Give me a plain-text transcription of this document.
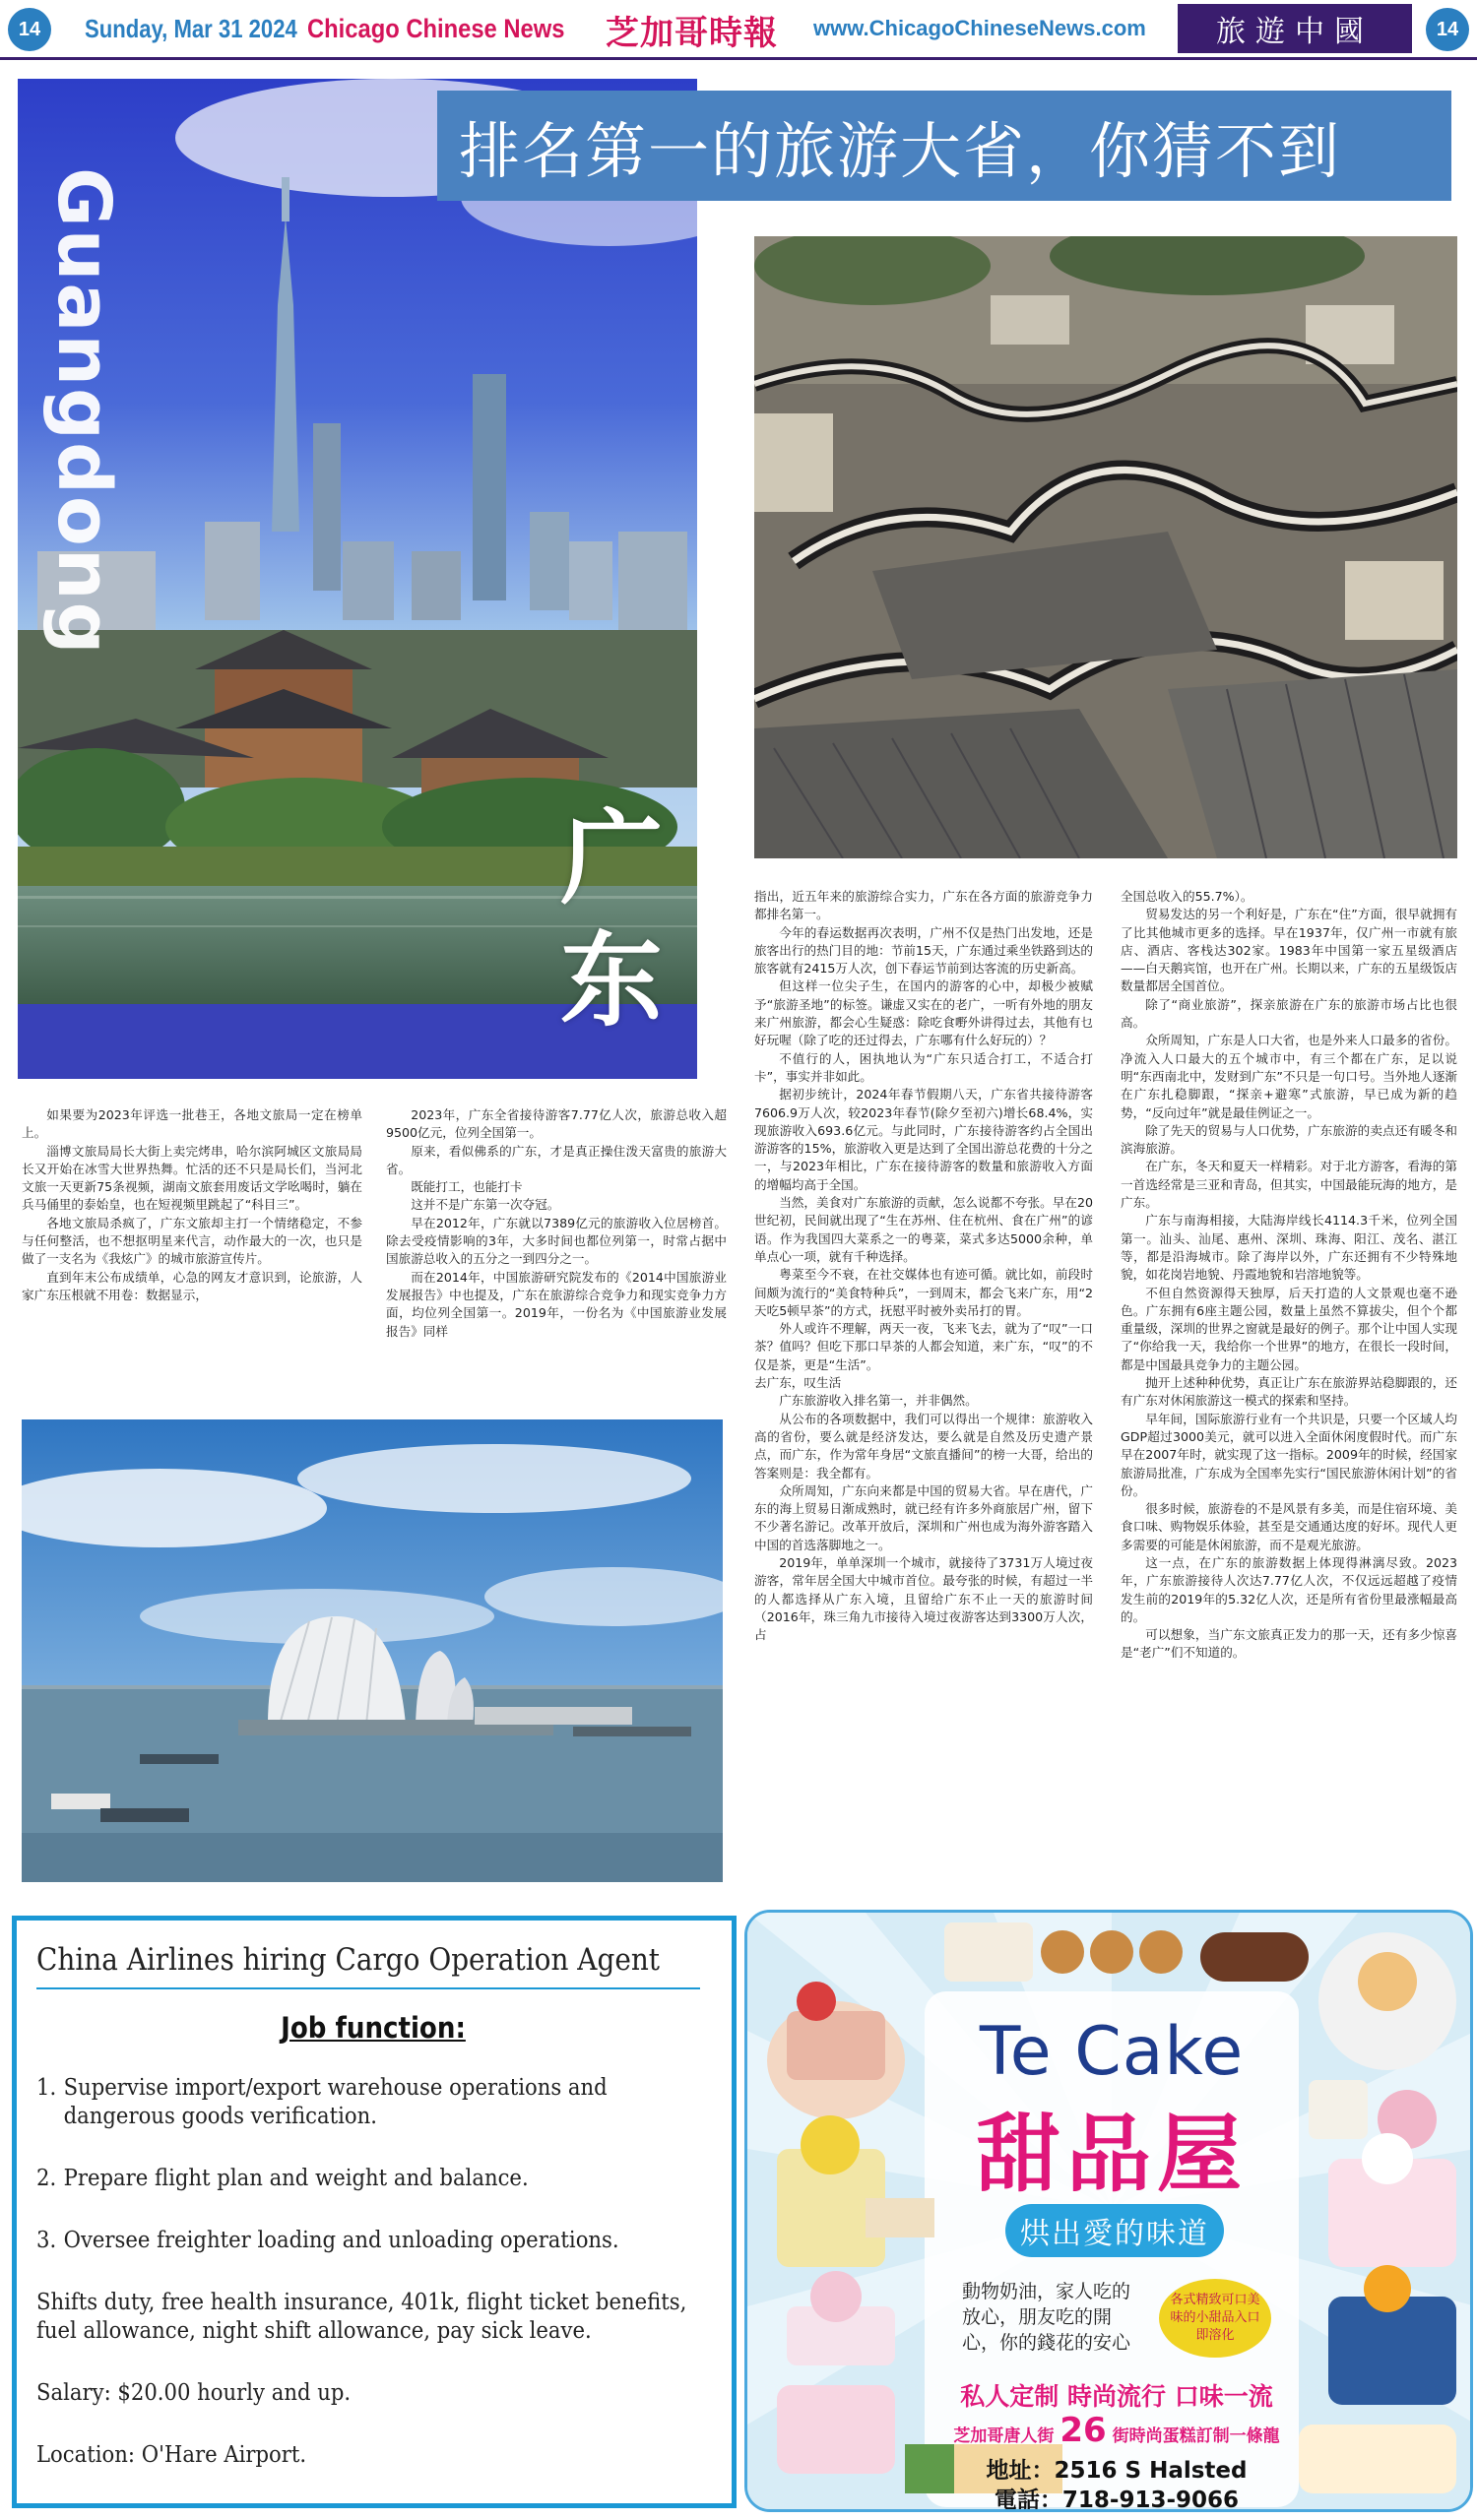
14	Sunday, Mar 31 2024 Chicago Chinese News 芝加哥時報 www.ChicagoChineseNews.com	旅遊中國	14
Guangdong
广东
排名第一的旅游大省，你猜不到

如果要为2023年评选一批巷王，各地文旅局一定在榜单上。

淄博文旅局局长大街上卖完烤串，哈尔滨阿城区文旅局局长又开始在冰雪大世界热舞。忙活的还不只是局长们，当河北文旅一天更新75条视频，湖南文旅套用废话文学吆喝时，躺在兵马俑里的泰始皇，也在短视频里跳起了“科目三”。

各地文旅局杀疯了，广东文旅却主打一个情绪稳定，不参与任何整活，也不想抠明星来代言，动作最大的一次，也只是做了一支名为《我炫广》的城市旅游宣传片。

直到年末公布成绩单，心急的网友才意识到，论旅游，人家广东压根就不用卷：数据显示，

2023年，广东全省接待游客7.77亿人次，旅游总收入超9500亿元，位列全国第一。

原来，看似佛系的广东，才是真正操住泼天富贵的旅游大省。

既能打工，也能打卡

这并不是广东第一次夺冠。

早在2012年，广东就以7389亿元的旅游收入位居榜首。除去受疫情影响的3年，大多时间也都位列第一，时常占据中国旅游总收入的五分之一到四分之一。

而在2014年，中国旅游研究院发布的《2014中国旅游业发展报告》中也提及，广东在旅游综合竞争力和现实竞争力方面，均位列全国第一。2019年，一份名为《中国旅游业发展报告》同样

指出，近五年来的旅游综合实力，广东在各方面的旅游竞争力都排名第一。

今年的春运数据再次表明，广州不仅是热门出发地，还是旅客出行的热门目的地：节前15天，广东通过乘坐铁路到达的旅客就有2415万人次，创下春运节前到达客流的历史新高。

但这样一位尖子生，在国内的游客的心中，却极少被赋予“旅游圣地”的标签。谦虚又实在的老广，一听有外地的朋友来广州旅游，都会心生疑惑：除吃食嘢外讲得过去，其他有乜好玩喔（除了吃的还过得去，广东哪有什么好玩的）？

不值行的人，困执地认为“广东只适合打工，不适合打卡”，事实并非如此。

据初步统计，2024年春节假期八天，广东省共接待游客7606.9万人次，较2023年春节(除夕至初六)增长68.4%，实现旅游收入693.6亿元。与此同时，广东接待游客约占全国出游游客的15%，旅游收入更是达到了全国出游总花费的十分之一，与2023年相比，广东在接待游客的数量和旅游收入方面的增幅均高于全国。

当然，美食对广东旅游的贡献，怎么说都不夸张。早在20世纪初，民间就出现了“生在苏州、住在杭州、食在广州”的谚语。作为我国四大菜系之一的粤菜，菜式多达5000余种，单单点心一项，就有千种选择。

粤菜至今不衰，在社交媒体也有迹可循。就比如，前段时间颇为流行的“美食特种兵”，一到周末，都会飞来广东，用“2天吃5顿早茶”的方式，抚慰平时被外卖吊打的胃。

外人或许不理解，两天一夜，飞来飞去，就为了“叹”一口茶？值吗？但吃下那口早茶的人都会知道，来广东，“叹”的不仅是茶，更是“生活”。

去广东，叹生活

广东旅游收入排名第一，并非偶然。

从公布的各项数据中，我们可以得出一个规律：旅游收入高的省份，要么就是经济发达，要么就是自然及历史遗产景点，而广东，作为常年身居“文旅直播间”的榜一大哥，给出的答案则是：我全都有。

众所周知，广东向来都是中国的贸易大省。早在唐代，广东的海上贸易日渐成熟时，就已经有许多外商旅居广州，留下不少著名游记。改革开放后，深圳和广州也成为海外游客踏入中国的首选落脚地之一。

2019年，单单深圳一个城市，就接待了3731万人境过夜游客，常年居全国大中城市首位。最夸张的时候，有超过一半的人都选择从广东入境，且留给广东不止一天的旅游时间（2016年，珠三角九市接待入境过夜游客达到3300万人次，占

全国总收入的55.7%）。

贸易发达的另一个利好是，广东在“住”方面，很早就拥有了比其他城市更多的选择。早在1937年，仅广州一市就有旅店、酒店、客栈达302家。1983年中国第一家五星级酒店——白天鹅宾馆，也开在广州。长期以来，广东的五星级饭店数量都居全国首位。

除了“商业旅游”，探亲旅游在广东的旅游市场占比也很高。

众所周知，广东是人口大省，也是外来人口最多的省份。净流入人口最大的五个城市中，有三个都在广东，足以说明“东西南北中，发财到广东”不只是一句口号。当外地人逐渐在广东扎稳脚跟，“探亲+避寒”式旅游，早已成为新的趋势，“反向过年”就是最佳例证之一。

除了先天的贸易与人口优势，广东旅游的卖点还有暖冬和滨海旅游。

在广东，冬天和夏天一样精彩。对于北方游客，看海的第一首选经常是三亚和青岛，但其实，中国最能玩海的地方，是广东。

广东与南海相接，大陆海岸线长4114.3千米，位列全国第一。汕头、汕尾、惠州、深圳、珠海、阳江、茂名、湛江等，都是沿海城市。除了海岸以外，广东还拥有不少特殊地貌，如花岗岩地貌、丹霞地貌和岩溶地貌等。

不但自然资源得天独厚，后天打造的人文景观也毫不逊色。广东拥有6座主题公园，数量上虽然不算拔尖，但个个都重量级，深圳的世界之窗就是最好的例子。那个让中国人实现了“你给我一天，我给你一个世界”的地方，在很长一段时间，都是中国最具竞争力的主题公园。

抛开上述种种优势，真正让广东在旅游界站稳脚跟的，还有广东对休闲旅游这一模式的探索和坚持。

早年间，国际旅游行业有一个共识是，只要一个区域人均GDP超过3000美元，就可以进入全面休闲度假时代。而广东早在2007年时，就实现了这一指标。2009年的时候，经国家旅游局批准，广东成为全国率先实行“国民旅游休闲计划”的省份。

很多时候，旅游卷的不是风景有多美，而是住宿环境、美食口味、购物娱乐体验，甚至是交通通达度的好坏。现代人更多需要的可能是休闲旅游，而不是观光旅游。

这一点，在广东的旅游数据上体现得淋漓尽致。2023年，广东旅游接待人次达7.77亿人次，不仅远远超越了疫情发生前的2019年的5.32亿人次，还是所有省份里最涨幅最高的。

可以想象，当广东文旅真正发力的那一天，还有多少惊喜是“老广”们不知道的。

China Airlines hiring Cargo Operation Agent
Job function:
1. Supervise import/export warehouse operations and dangerous goods verification.
2. Prepare flight plan and weight and balance.
3. Oversee freighter loading and unloading operations.
Shifts duty, free health insurance, 401k, flight ticket benefits, fuel allowance, night shift allowance, pay sick leave.
Salary: $20.00 hourly and up.
Location: O'Hare Airport.
Te Cake
甜品屋
烘出愛的味道
動物奶油，家人吃的放心，朋友吃的開心，你的錢花的安心
各式精致可口美味的小甜品入口即溶化
私人定制 時尚流行 口味一流
芝加哥唐人街 26 街時尚蛋糕訂制一條龍
地址：2516 S Halsted
電話：718-913-9066
